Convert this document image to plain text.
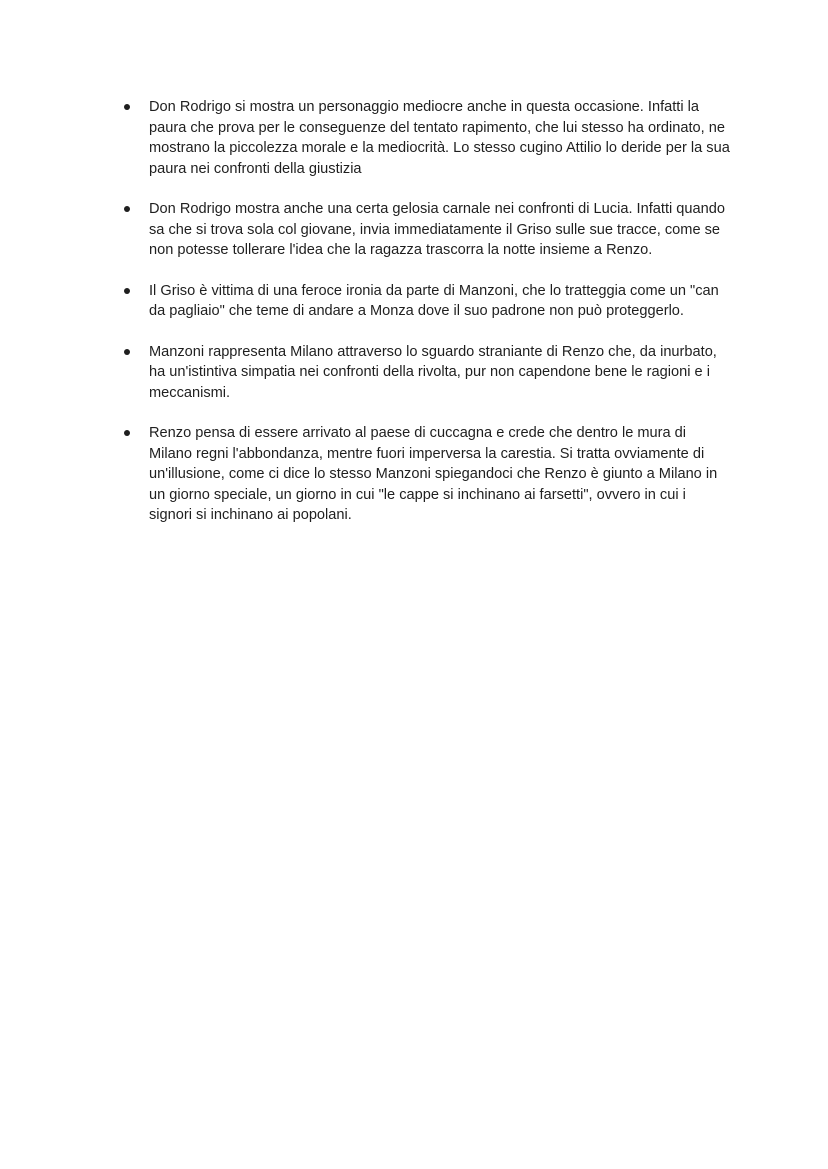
Don Rodrigo si mostra un personaggio mediocre anche in questa occasione. Infatti la paura che prova per le conseguenze del tentato rapimento, che lui stesso ha ordinato, ne mostrano la piccolezza morale e la mediocrità. Lo stesso cugino Attilio lo deride per la sua paura nei confronti della giustizia
Don Rodrigo mostra anche una certa gelosia carnale nei confronti di Lucia. Infatti quando sa che si trova sola col giovane, invia immediatamente il Griso sulle sue tracce, come se non potesse tollerare l'idea che la ragazza trascorra la notte insieme a Renzo.
Il Griso è vittima di una feroce ironia da parte di Manzoni, che lo tratteggia come un "can da pagliaio" che teme di andare a Monza dove il suo padrone non può proteggerlo.
Manzoni rappresenta Milano attraverso lo sguardo straniante di Renzo che, da inurbato, ha un'istintiva simpatia nei confronti della rivolta, pur non capendone bene le ragioni e i meccanismi.
Renzo pensa di essere arrivato al paese di cuccagna e crede che dentro le mura di Milano regni l'abbondanza, mentre fuori imperversa la carestia. Si tratta ovviamente di un'illusione, come ci dice lo stesso Manzoni spiegandoci che Renzo è giunto a Milano in un giorno speciale, un giorno in cui "le cappe si inchinano ai farsetti", ovvero in cui i signori si inchinano ai popolani.
